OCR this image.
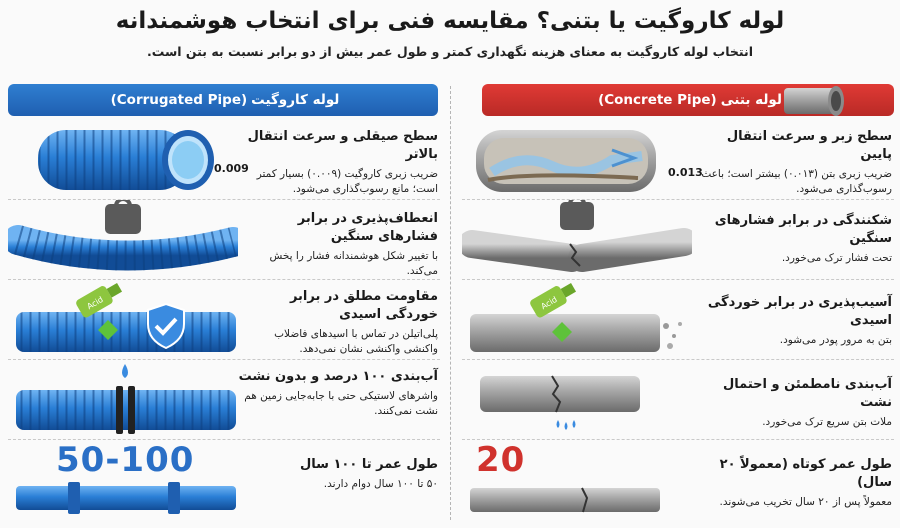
لوله کاروگیت یا بتنی؟ مقایسه فنی برای انتخاب هوشمندانه
انتخاب لوله کاروگیت به معنای هزینه نگهداری کمتر و طول عمر بیش از دو برابر نسبت به بتن است.
لوله کاروگیت
(Corrugated Pipe)
0.009
سطح صیقلی و سرعت انتقال بالاتر
ضریب زبری کاروگیت (۰.۰۰۹) بسیار کمتر است؛ مانع رسوب‌گذاری می‌شود.
انعطاف‌پذیری در برابر فشارهای سنگین
با تغییر شکل هوشمندانه فشار را پخش می‌کند.
Acid	مقاومت مطلق در برابر خوردگی اسیدی
پلی‌اتیلن در تماس با اسیدهای فاضلاب واکنشی واکنشی نشان نمی‌دهد.
آب‌بندی ۱۰۰ درصد و بدون نشت
واشرهای لاستیکی حتی با جابه‌جایی زمین هم نشت نمی‌کنند.
50-100	طول عمر تا ۱۰۰ سال
۵۰ تا ۱۰۰ سال دوام دارند.
لوله بتنی
(Concrete Pipe)
0.013
سطح زبر و سرعت انتقال پایین
ضریب زبری بتن (۰.۰۱۳) بیشتر است؛ باعث رسوب‌گذاری می‌شود.
شکنندگی در برابر فشارهای سنگین
تحت فشار ترک می‌خورد.
Acid	آسیب‌پذیری در برابر خوردگی اسیدی
بتن به مرور پودر می‌شود.
آب‌بندی نامطمئن و احتمال نشت
ملات بتن سریع ترک می‌خورد.
20	طول عمر کوتاه (معمولاً ۲۰ سال)
معمولاً پس از ۲۰ سال تخریب می‌شوند.
